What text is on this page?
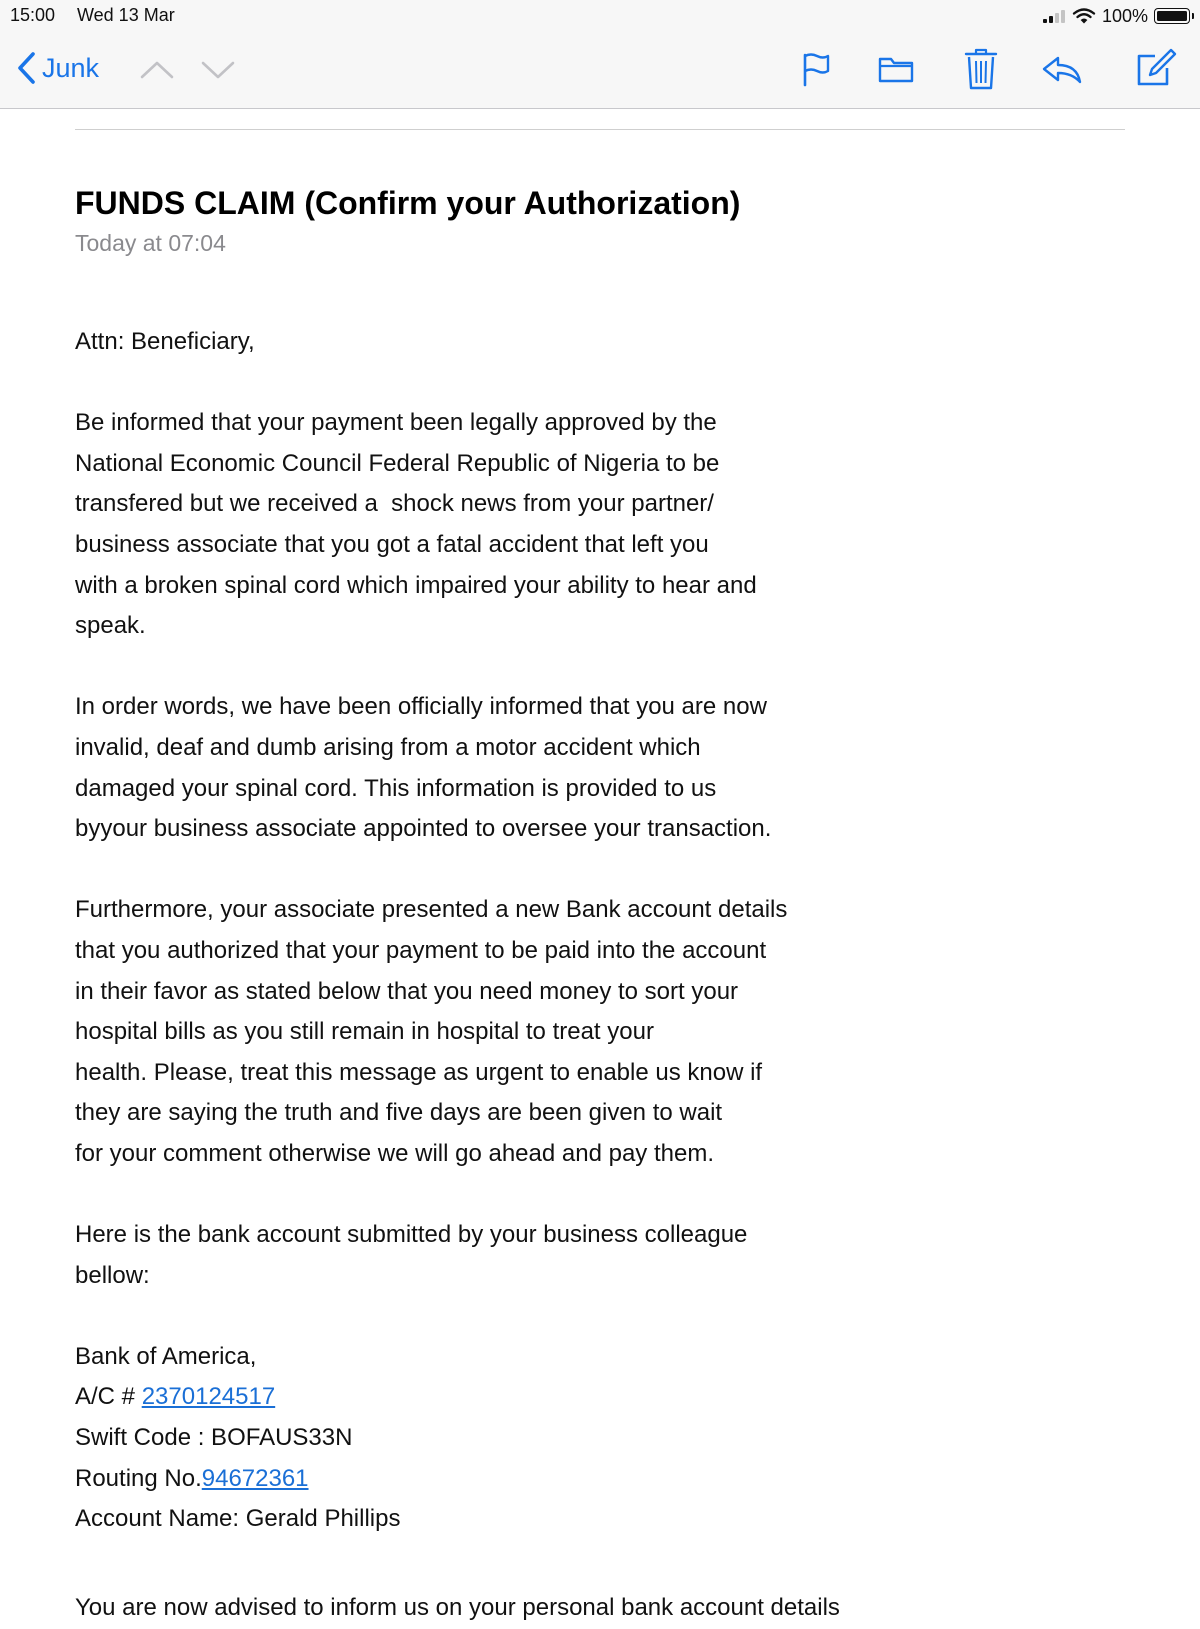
15:00 Wed 13 Mar	100%
Junk
FUNDS CLAIM (Confirm your Authorization)
Today at 07:04
Attn: Beneficiary,
Be informed that your payment been legally approved by the
National Economic Council Federal Republic of Nigeria to be
transfered but we received a  shock news from your partner/
business associate that you got a fatal accident that left you
with a broken spinal cord which impaired your ability to hear and
speak.
In order words, we have been officially informed that you are now
invalid, deaf and dumb arising from a motor accident which
damaged your spinal cord. This information is provided to us
byyour business associate appointed to oversee your transaction.
Furthermore, your associate presented a new Bank account details
that you authorized that your payment to be paid into the account
in their favor as stated below that you need money to sort your
hospital bills as you still remain in hospital to treat your
health. Please, treat this message as urgent to enable us know if
they are saying the truth and five days are been given to wait
for your comment otherwise we will go ahead and pay them.
Here is the bank account submitted by your business colleague
bellow:
Bank of America,
A/C # 2370124517
Swift Code : BOFAUS33N
Routing No.94672361
Account Name: Gerald Phillips
You are now advised to inform us on your personal bank account details
